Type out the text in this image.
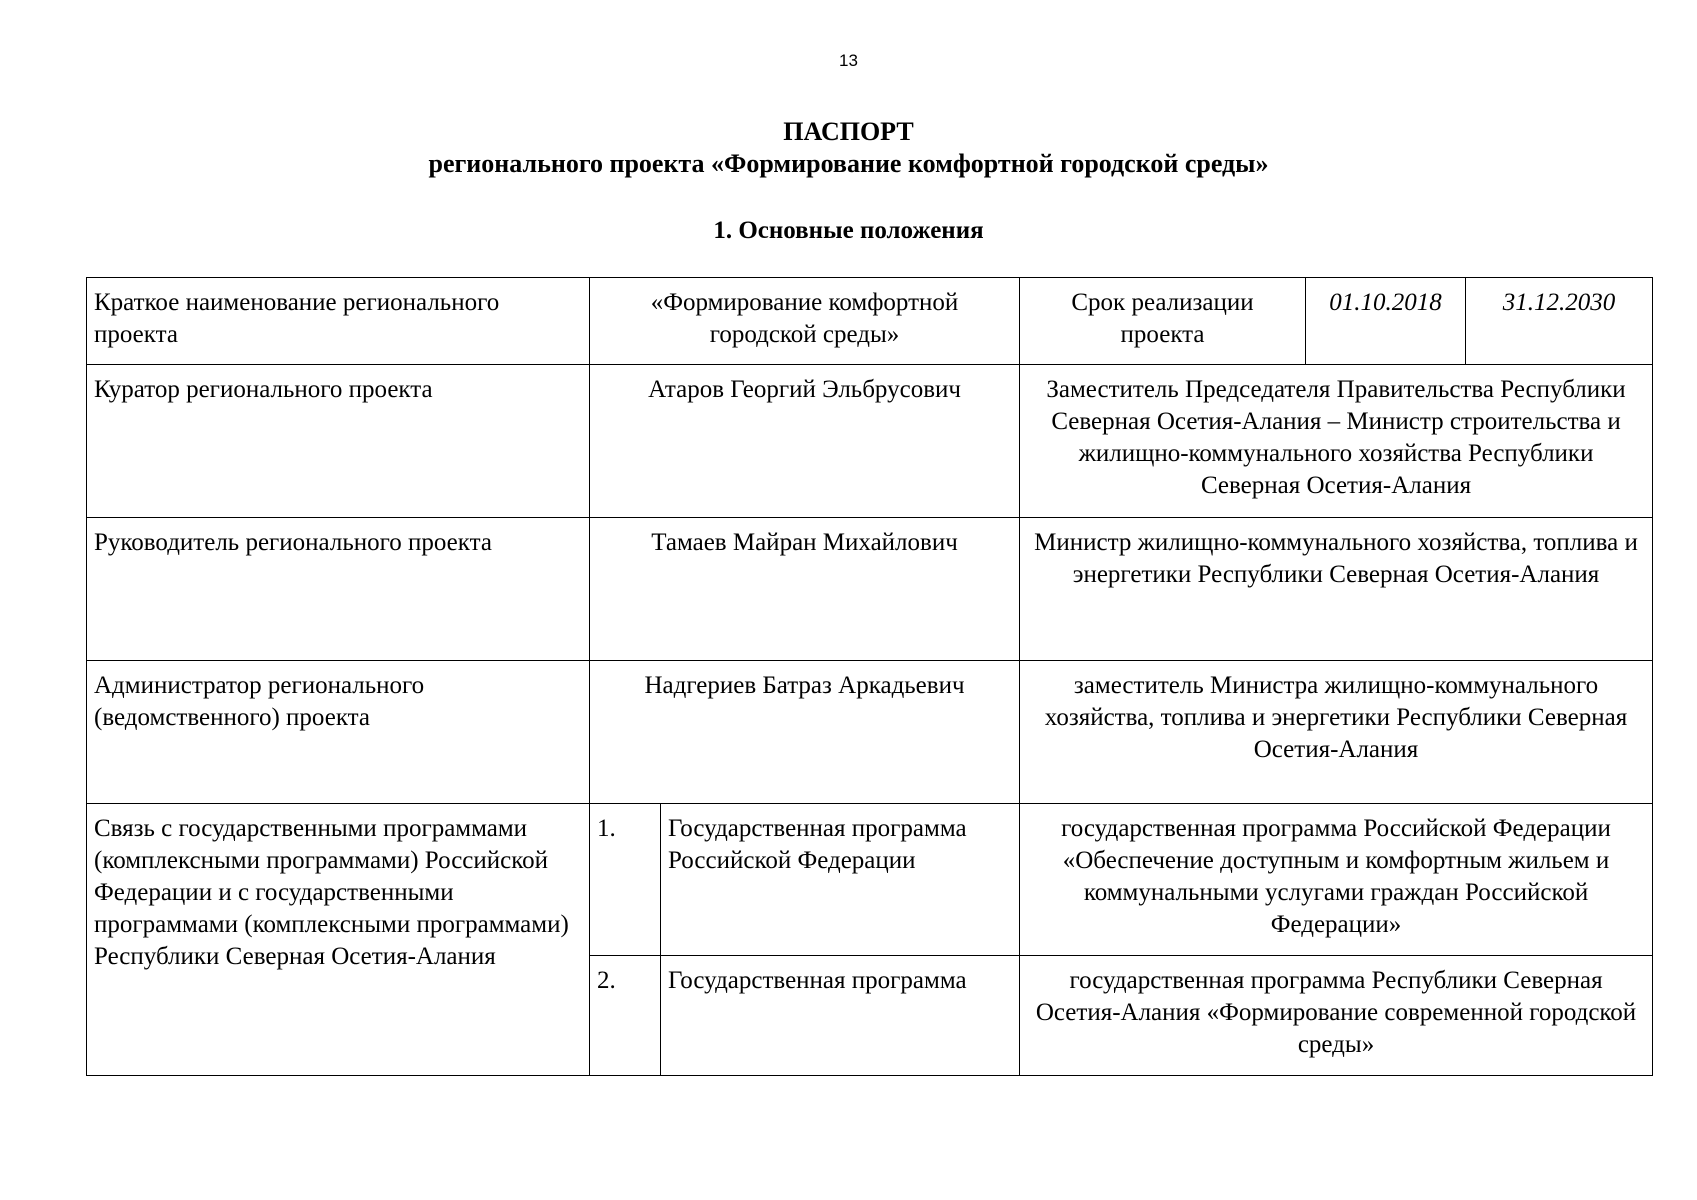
13
ПАСПОРТ
регионального проекта «Формирование комфортной городской среды»
1. Основные положения
Краткое наименование регионального проекта	«Формирование комфортной городской среды»		Срок реализации проекта	01.10.2018	31.12.2030
Куратор регионального проекта	Атаров Георгий Эльбрусович		Заместитель Председателя Правительства Республики Северная Осетия-Алания – Министр строительства и жилищно-коммунального хозяйства Республики Северная Осетия-Алания		
Руководитель регионального проекта	Тамаев Майран Михайлович		Министр жилищно-коммунального хозяйства, топлива и энергетики Республики Северная Осетия-Алания		
Администратор регионального (ведомственного) проекта	Надгериев Батраз Аркадьевич		заместитель Министра жилищно-коммунального хозяйства, топлива и энергетики Республики Северная Осетия-Алания		
Связь с государственными программами (комплексными программами) Российской Федерации и с государственными программами (комплексными программами) Республики Северная Осетия-Алания	1.	Государственная программа Российской Федерации	государственная программа Российской Федерации «Обеспечение доступным и комфортным жильем и коммунальными услугами граждан Российской Федерации»		
	2.	Государственная программа	государственная программа Республики Северная Осетия-Алания «Формирование современной городской среды»		
